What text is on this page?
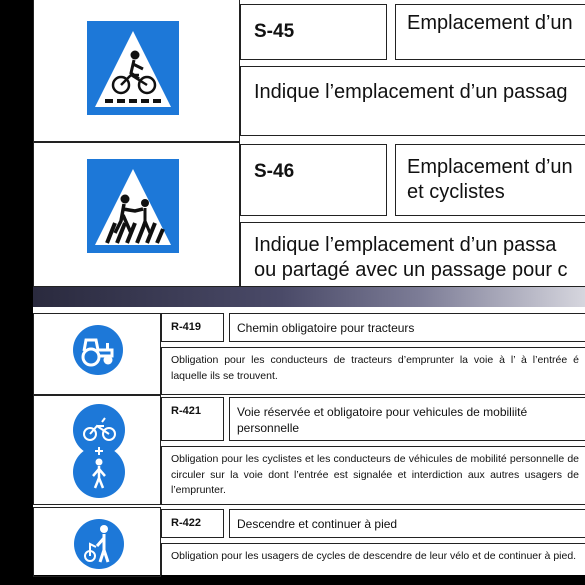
S-45	Emplacement d’un
Indique l’emplacement d’un passag
S-46	Emplacement d’un
et cyclistes
Indique l’emplacement d’un passa
ou partagé avec un passage pour c
R-419	Chemin obligatoire pour tracteurs
Obligation pour les conducteurs de tracteurs d’emprunter la voie à l’ à l’entrée é laquelle ils se trouvent.
R-421	Voie réservée et obligatoire pour vehicules de mobiliité personnelle
Obligation pour les cyclistes et les conducteurs de véhicules de mobilité personnelle de circuler sur la voie dont l’entrée est signalée et interdiction aux autres usagers de l’emprunter.
R-422	Descendre et continuer à pied
Obligation pour les usagers de cycles de descendre de leur vélo et de continuer à pied.
